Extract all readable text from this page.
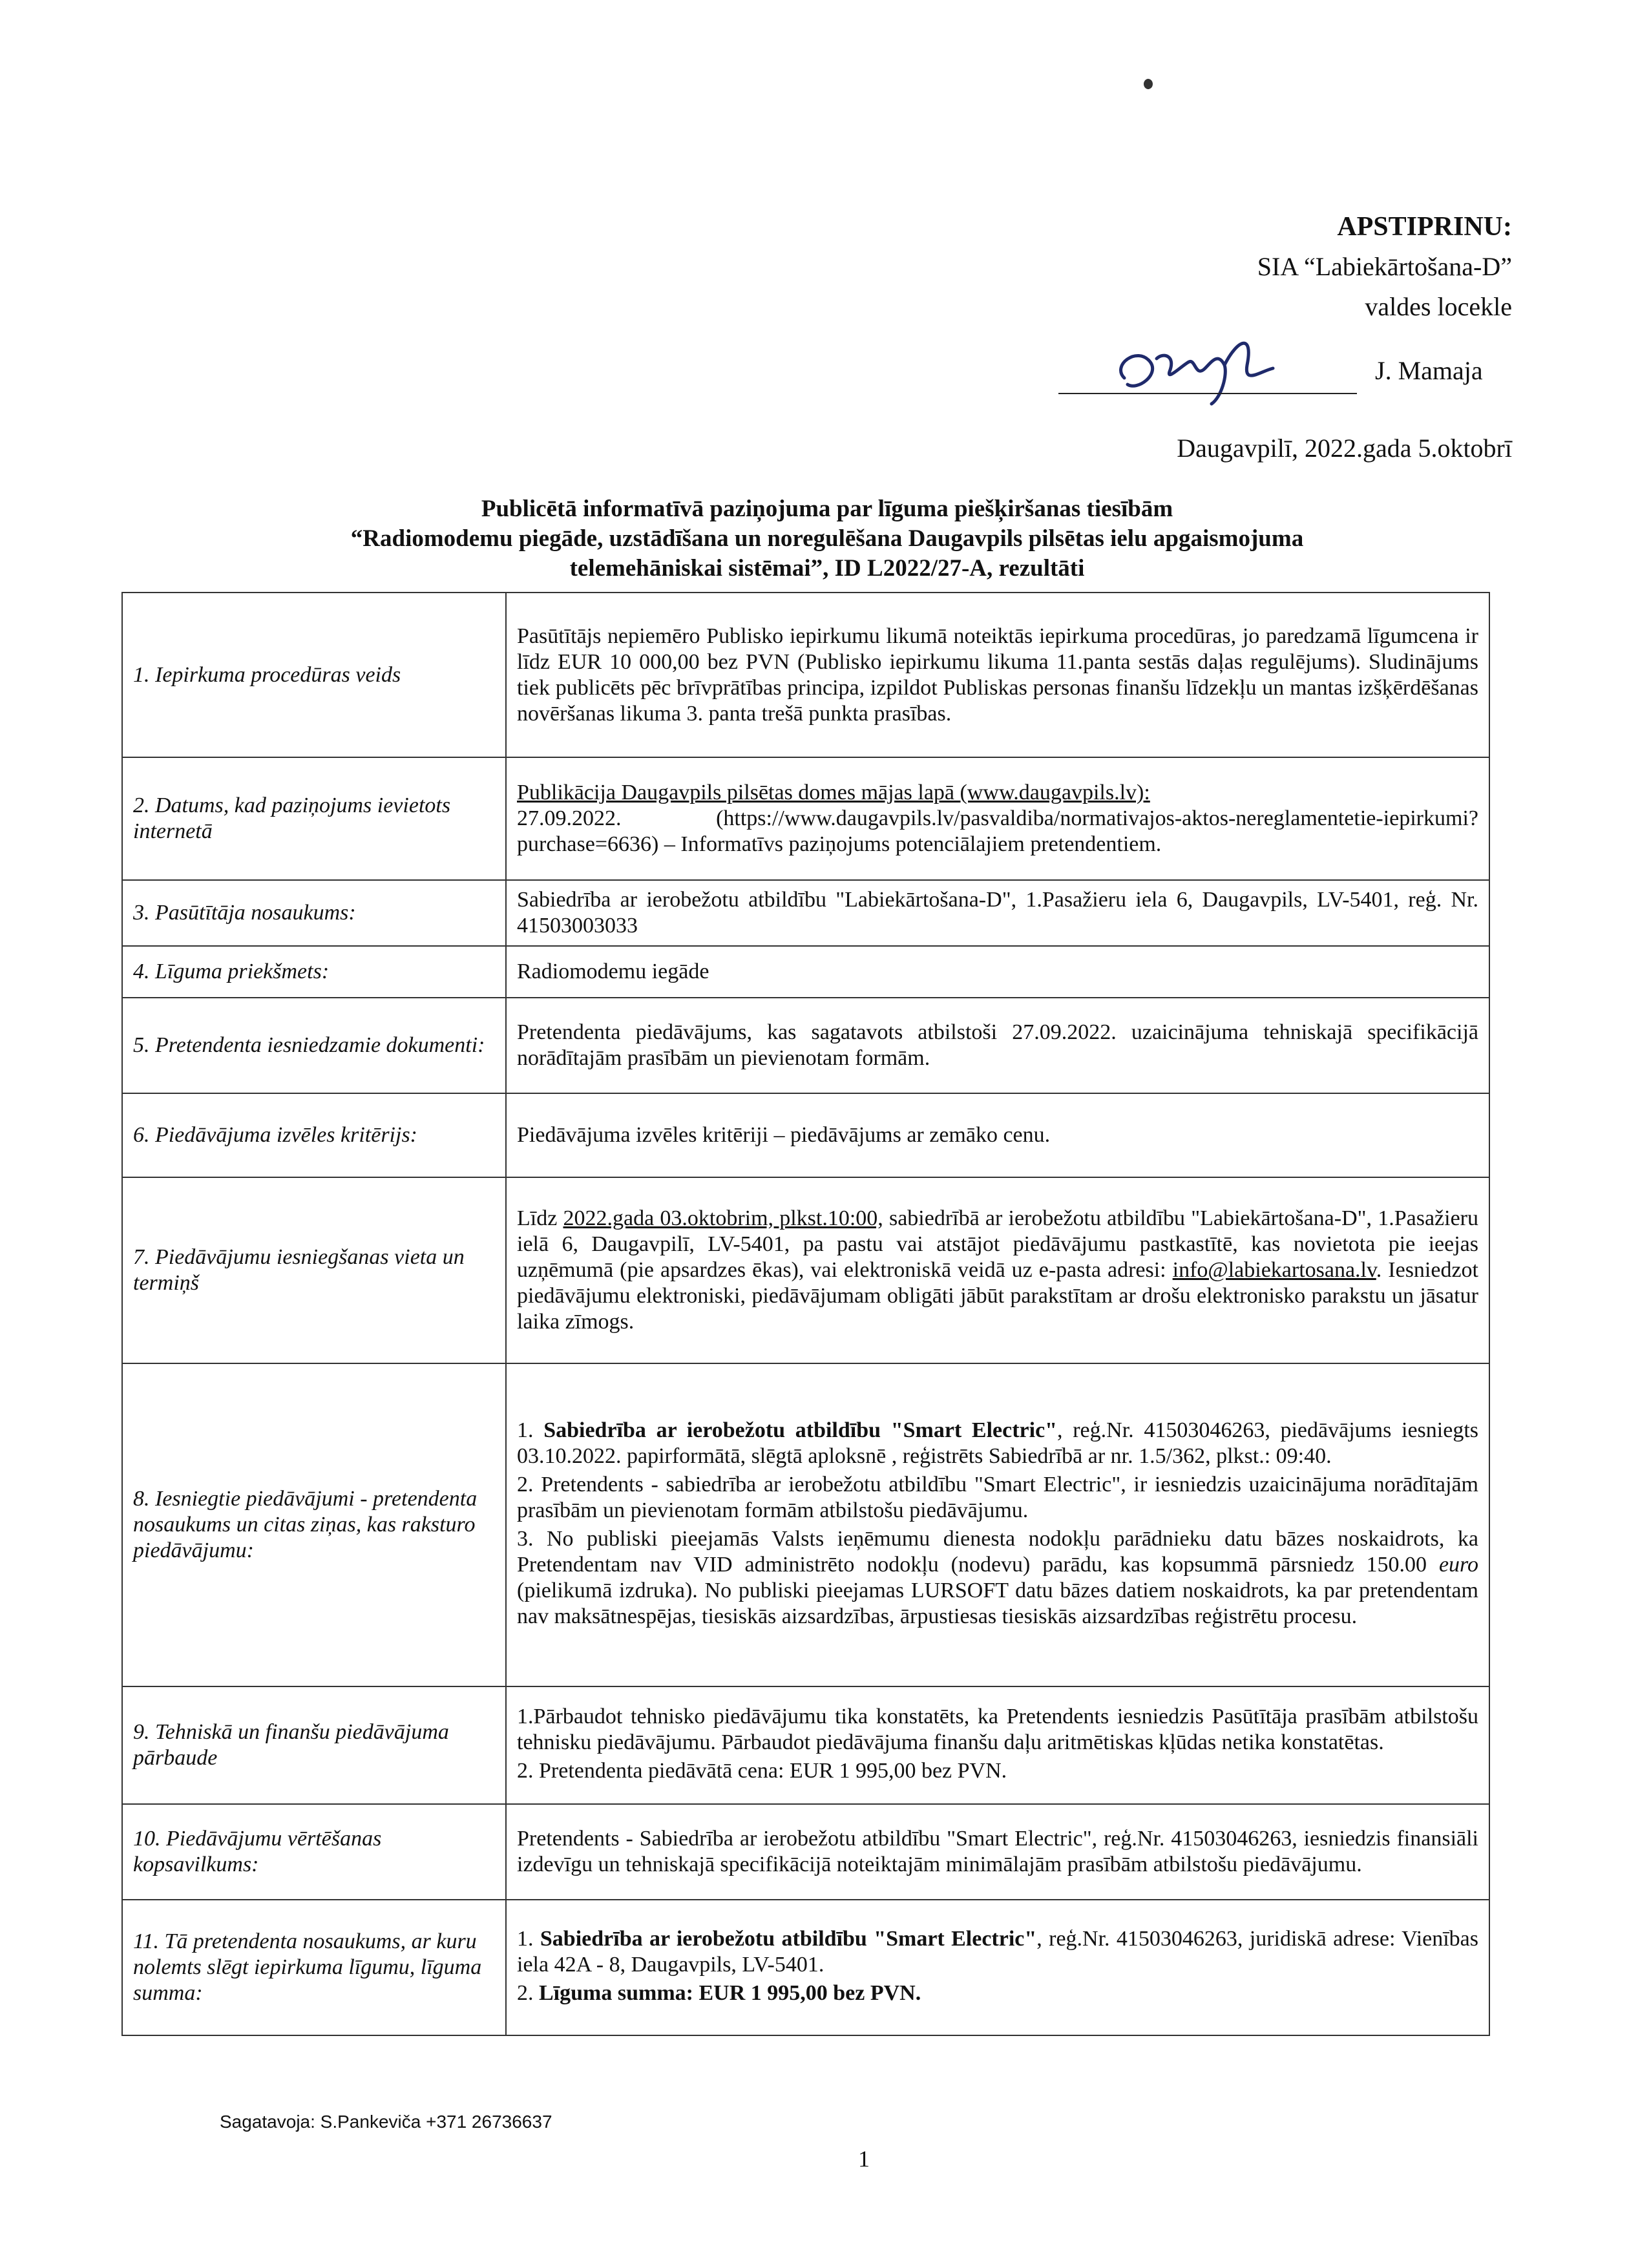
APSTIPRINU:
SIA “Labiekārtošana-D”
valdes locekle
J. Mamaja
Daugavpilī, 2022.gada 5.oktobrī
Publicētā informatīvā paziņojuma par līguma piešķiršanas tiesībām
“Radiomodemu piegāde, uzstādīšana un noregulēšana Daugavpils pilsētas ielu apgaismojuma
telemehāniskai sistēmai”, ID L2022/27-A, rezultāti
1. Iepirkuma procedūras veids	Pasūtītājs nepiemēro Publisko iepirkumu likumā noteiktās iepirkuma procedūras, jo paredzamā līgumcena ir līdz EUR 10 000,00 bez PVN (Publisko iepirkumu likuma 11.panta sestās daļas regulējums). Sludinājums tiek publicēts pēc brīvprātības principa, izpildot Publiskas personas finanšu līdzekļu un mantas izšķērdēšanas novēršanas likuma 3. panta trešā punkta prasības.
2. Datums, kad paziņojums ievietots internetā	Publikācija Daugavpils pilsētas domes mājas lapā (www.daugavpils.lv):
27.09.2022. (https://www.daugavpils.lv/pasvaldiba/normativajos-aktos-nereglamentetie-iepirkumi?purchase=6636) – Informatīvs paziņojums potenciālajiem pretendentiem.
3. Pasūtītāja nosaukums:	Sabiedrība ar ierobežotu atbildību "Labiekārtošana-D", 1.Pasažieru iela 6, Daugavpils, LV-5401, reģ. Nr. 41503003033
4. Līguma priekšmets:	Radiomodemu iegāde
5. Pretendenta iesniedzamie dokumenti:	Pretendenta piedāvājums, kas sagatavots atbilstoši 27.09.2022. uzaicinājuma tehniskajā specifikācijā norādītajām prasībām un pievienotam formām.
6. Piedāvājuma izvēles kritērijs:	Piedāvājuma izvēles kritēriji – piedāvājums ar zemāko cenu.
7. Piedāvājumu iesniegšanas vieta un termiņš	Līdz 2022.gada 03.oktobrim, plkst.10:00, sabiedrībā ar ierobežotu atbildību "Labiekārtošana-D", 1.Pasažieru ielā 6, Daugavpilī, LV-5401, pa pastu vai atstājot piedāvājumu pastkastītē, kas novietota pie ieejas uzņēmumā (pie apsardzes ēkas), vai elektroniskā veidā uz e-pasta adresi: info@labiekartosana.lv. Iesniedzot piedāvājumu elektroniski, piedāvājumam obligāti jābūt parakstītam ar drošu elektronisko parakstu un jāsatur laika zīmogs.
8. Iesniegtie piedāvājumi - pretendenta nosaukums un citas ziņas, kas raksturo piedāvājumu:	1. Sabiedrība ar ierobežotu atbildību "Smart Electric", reģ.Nr. 41503046263, piedāvājums iesniegts 03.10.2022. papirformātā, slēgtā aploksnē , reģistrēts Sabiedrībā ar nr. 1.5/362, plkst.: 09:40.

2. Pretendents - sabiedrība ar ierobežotu atbildību "Smart Electric", ir iesniedzis uzaicinājuma norādītajām prasībām un pievienotam formām atbilstošu piedāvājumu.

3. No publiski pieejamās Valsts ieņēmumu dienesta nodokļu parādnieku datu bāzes noskaidrots, ka Pretendentam nav VID administrēto nodokļu (nodevu) parādu, kas kopsummā pārsniedz 150.00 euro (pielikumā izdruka). No publiski pieejamas LURSOFT datu bāzes datiem noskaidrots, ka par pretendentam nav maksātnespējas, tiesiskās aizsardzības, ārpustiesas tiesiskās aizsardzības reģistrētu procesu.

9. Tehniskā un finanšu piedāvājuma pārbaude	1.Pārbaudot tehnisko piedāvājumu tika konstatēts, ka Pretendents iesniedzis Pasūtītāja prasībām atbilstošu tehnisku piedāvājumu. Pārbaudot piedāvājuma finanšu daļu aritmētiskas kļūdas netika konstatētas.

2. Pretendenta piedāvātā cena: EUR 1 995,00 bez PVN.

10. Piedāvājumu vērtēšanas kopsavilkums:	Pretendents - Sabiedrība ar ierobežotu atbildību "Smart Electric", reģ.Nr. 41503046263, iesniedzis finansiāli izdevīgu un tehniskajā specifikācijā noteiktajām minimālajām prasībām atbilstošu piedāvājumu.
11. Tā pretendenta nosaukums, ar kuru nolemts slēgt iepirkuma līgumu, līguma summa:	1. Sabiedrība ar ierobežotu atbildību "Smart Electric", reģ.Nr. 41503046263, juridiskā adrese: Vienības iela 42A - 8, Daugavpils, LV-5401.

2. Līguma summa: EUR 1 995,00 bez PVN.

Sagatavoja: S.Pankeviča +371 26736637
1
